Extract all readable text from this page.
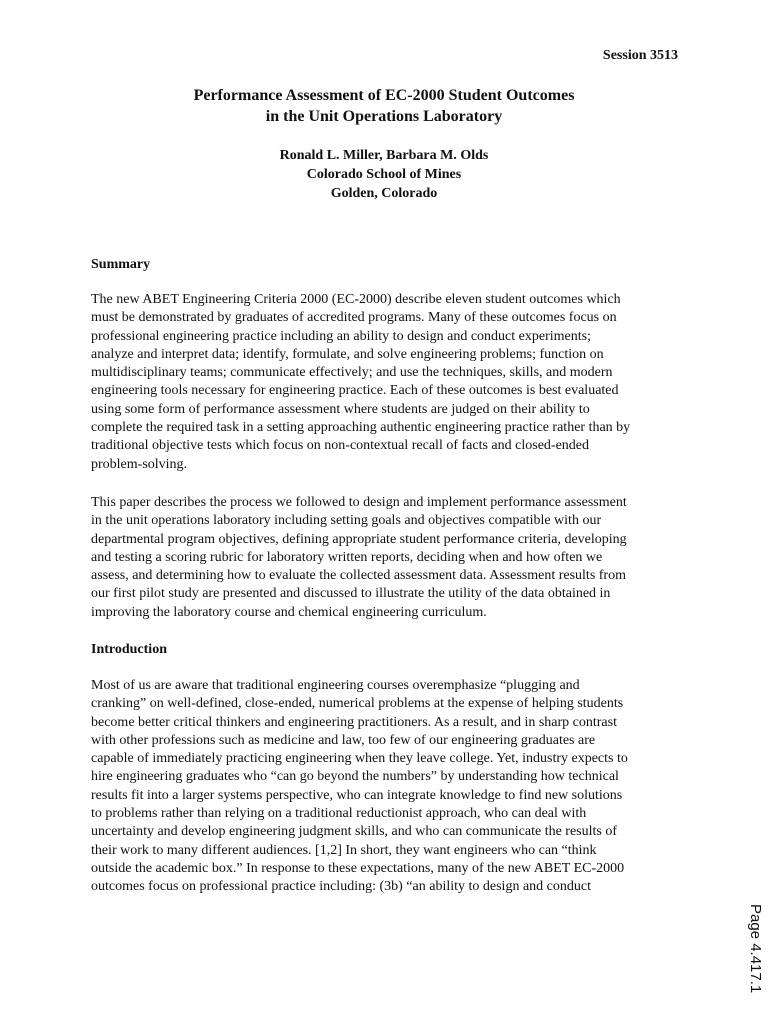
Session 3513
Performance Assessment of EC-2000 Student Outcomes
in the Unit Operations Laboratory
Ronald L. Miller, Barbara M. Olds
Colorado School of Mines
Golden, Colorado
Summary
The new ABET Engineering Criteria 2000 (EC-2000) describe eleven student outcomes which
must be demonstrated by graduates of accredited programs. Many of these outcomes focus on
professional engineering practice including an ability to design and conduct experiments;
analyze and interpret data; identify, formulate, and solve engineering problems; function on
multidisciplinary teams; communicate effectively; and use the techniques, skills, and modern
engineering tools necessary for engineering practice. Each of these outcomes is best evaluated
using some form of performance assessment where students are judged on their ability to
complete the required task in a setting approaching authentic engineering practice rather than by
traditional objective tests which focus on non-contextual recall of facts and closed-ended
problem-solving.
This paper describes the process we followed to design and implement performance assessment
in the unit operations laboratory including setting goals and objectives compatible with our
departmental program objectives, defining appropriate student performance criteria, developing
and testing a scoring rubric for laboratory written reports, deciding when and how often we
assess, and determining how to evaluate the collected assessment data. Assessment results from
our first pilot study are presented and discussed to illustrate the utility of the data obtained in
improving the laboratory course and chemical engineering curriculum.
Introduction
Most of us are aware that traditional engineering courses overemphasize “plugging and
cranking” on well-defined, close-ended, numerical problems at the expense of helping students
become better critical thinkers and engineering practitioners. As a result, and in sharp contrast
with other professions such as medicine and law, too few of our engineering graduates are
capable of immediately practicing engineering when they leave college. Yet, industry expects to
hire engineering graduates who “can go beyond the numbers” by understanding how technical
results fit into a larger systems perspective, who can integrate knowledge to find new solutions
to problems rather than relying on a traditional reductionist approach, who can deal with
uncertainty and develop engineering judgment skills, and who can communicate the results of
their work to many different audiences. [1,2] In short, they want engineers who can “think
outside the academic box.” In response to these expectations, many of the new ABET EC-2000
outcomes focus on professional practice including: (3b) “an ability to design and conduct
Page 4.417.1
